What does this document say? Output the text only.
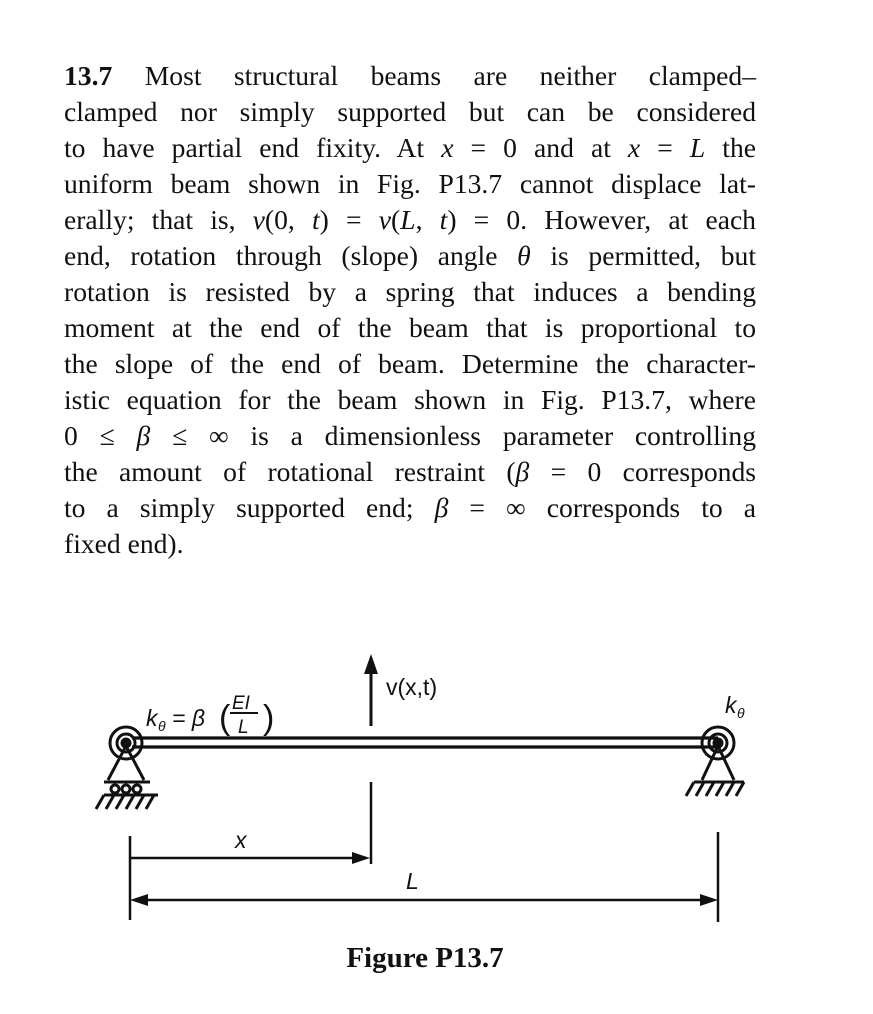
13.7 Most structural beams are neither clamped–
clamped nor simply supported but can be considered
to have partial end fixity. At x = 0 and at x = L the
uniform beam shown in Fig. P13.7 cannot displace lat-
erally; that is, v(0, t) = v(L, t) = 0. However, at each
end, rotation through (slope) angle θ is permitted, but
rotation is resisted by a spring that induces a bending
moment at the end of the beam that is proportional to
the slope of the end of beam. Determine the character-
istic equation for the beam shown in Fig. P13.7, where
0 ≤ β ≤ ∞ is a dimensionless parameter controlling
the amount of rotational restraint (β = 0 corresponds
to a simply supported end; β = ∞ corresponds to a
fixed end).
v(x,t)
k θ = β ( EI
L )	k θ
x
L
Figure P13.7
